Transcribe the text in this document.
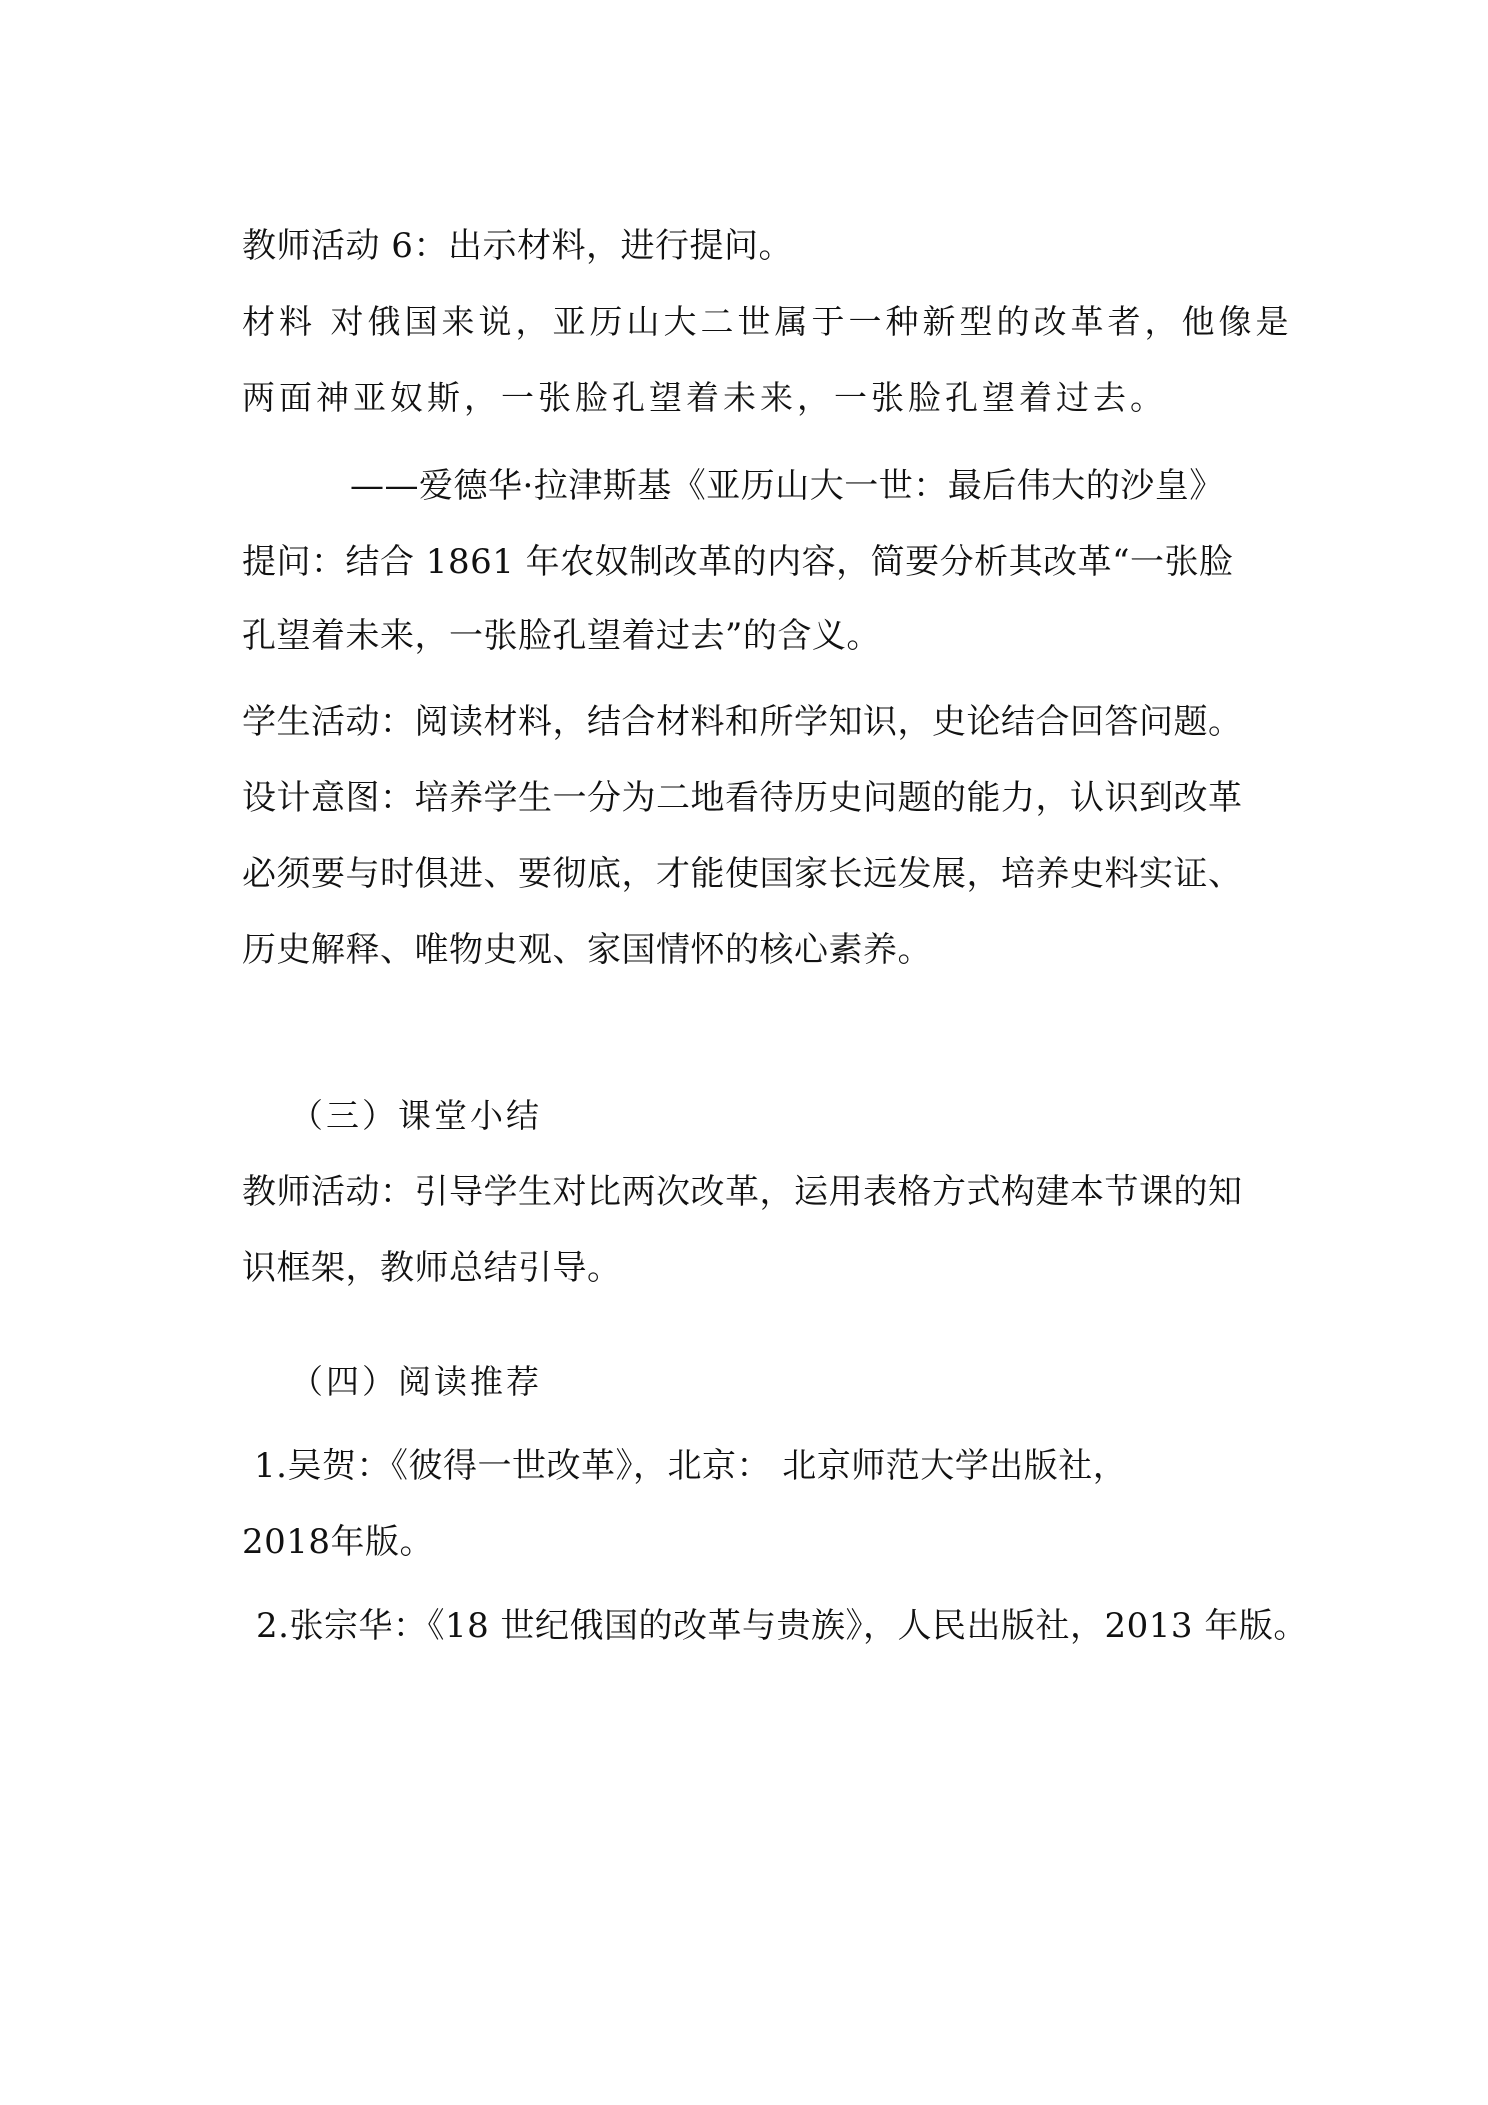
教师活动 6：出示材料，进行提问。
材料 对俄国来说，亚历山大二世属于一种新型的改革者，他像是
两面神亚奴斯，一张脸孔望着未来，一张脸孔望着过去。
——爱德华·拉津斯基《亚历山大一世：最后伟大的沙皇》
提问：结合 1861 年农奴制改革的内容，简要分析其改革“一张脸
孔望着未来，一张脸孔望着过去”的含义。
学生活动：阅读材料，结合材料和所学知识，史论结合回答问题。
设计意图：培养学生一分为二地看待历史问题的能力，认识到改革
必须要与时俱进、要彻底，才能使国家长远发展，培养史料实证、
历史解释、唯物史观、家国情怀的核心素养。
（三）课堂小结
教师活动：引导学生对比两次改革，运用表格方式构建本节课的知
识框架，教师总结引导。
（四）阅读推荐
1.吴贺：《彼得一世改革》，北京： 北京师范大学出版社，
2018年版。
2.张宗华：《18 世纪俄国的改革与贵族》，人民出版社，2013 年版。
